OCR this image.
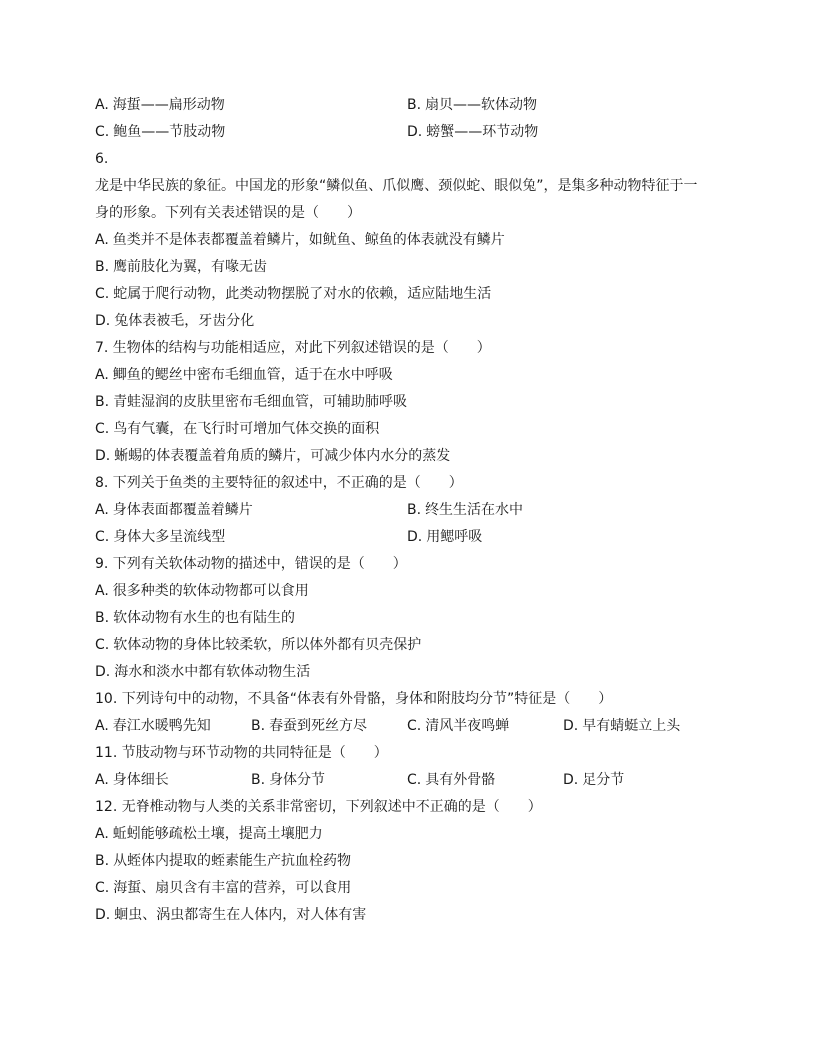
A. 海蜇——扁形动物	B. 扇贝——软体动物
C. 鲍鱼——节肢动物	D. 螃蟹——环节动物
6.
龙是中华民族的象征。中国龙的形象“鳞似鱼、爪似鹰、颈似蛇、眼似兔”，是集多种动物特征于一
身的形象。下列有关表述错误的是（　　）
A. 鱼类并不是体表都覆盖着鳞片，如鱿鱼、鲸鱼的体表就没有鳞片
B. 鹰前肢化为翼，有喙无齿
C. 蛇属于爬行动物，此类动物摆脱了对水的依赖，适应陆地生活
D. 兔体表被毛，牙齿分化
7. 生物体的结构与功能相适应，对此下列叙述错误的是（　　）
A. 鲫鱼的鳃丝中密布毛细血管，适于在水中呼吸
B. 青蛙湿润的皮肤里密布毛细血管，可辅助肺呼吸
C. 鸟有气囊，在飞行时可增加气体交换的面积
D. 蜥蜴的体表覆盖着角质的鳞片，可减少体内水分的蒸发
8. 下列关于鱼类的主要特征的叙述中，不正确的是（　　）
A. 身体表面都覆盖着鳞片	B. 终生生活在水中
C. 身体大多呈流线型	D. 用鳃呼吸
9. 下列有关软体动物的描述中，错误的是（　　）
A. 很多种类的软体动物都可以食用
B. 软体动物有水生的也有陆生的
C. 软体动物的身体比较柔软，所以体外都有贝壳保护
D. 海水和淡水中都有软体动物生活
10. 下列诗句中的动物，不具备“体表有外骨骼，身体和附肢均分节”特征是（　　）
A. 春江水暖鸭先知	B. 春蚕到死丝方尽	C. 清风半夜鸣蝉	D. 早有蜻蜓立上头
11. 节肢动物与环节动物的共同特征是（　　）
A. 身体细长	B. 身体分节	C. 具有外骨骼	D. 足分节
12. 无脊椎动物与人类的关系非常密切，下列叙述中不正确的是（　　）
A. 蚯蚓能够疏松土壤，提高土壤肥力
B. 从蛭体内提取的蛭素能生产抗血栓药物
C. 海蜇、扇贝含有丰富的营养，可以食用
D. 蛔虫、涡虫都寄生在人体内，对人体有害
